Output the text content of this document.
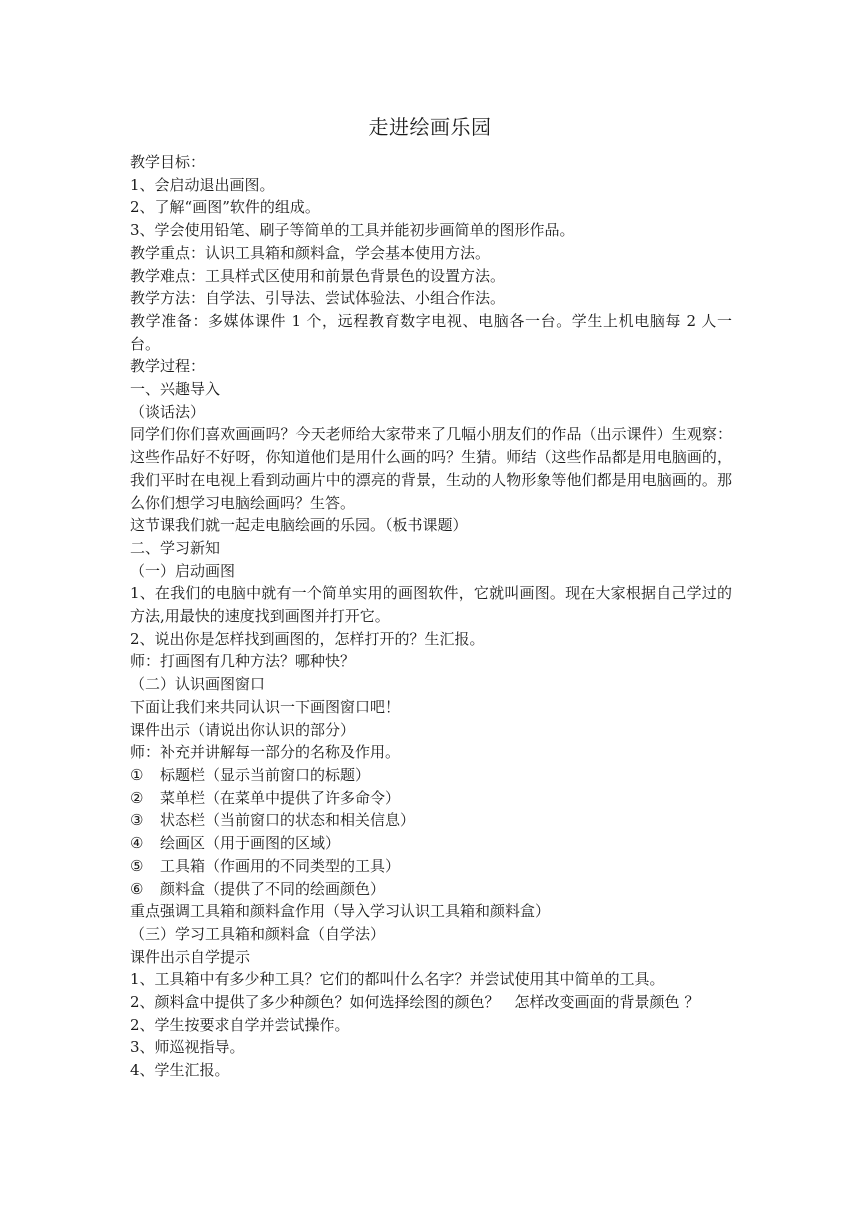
走进绘画乐园

教学目标：

1、会启动退出画图。

2、了解“画图”软件的组成。

3、学会使用铅笔、刷子等简单的工具并能初步画简单的图形作品。

教学重点：认识工具箱和颜料盒，学会基本使用方法。

教学难点：工具样式区使用和前景色背景色的设置方法。

教学方法：自学法、引导法、尝试体验法、小组合作法。

教学准备：多媒体课件 1 个，远程教育数字电视、电脑各一台。学生上机电脑每 2 人一台。

教学过程：

一、兴趣导入

（谈话法）

同学们你们喜欢画画吗？今天老师给大家带来了几幅小朋友们的作品（出示课件）生观察：这些作品好不好呀，你知道他们是用什么画的吗？生猜。师结（这些作品都是用电脑画的，我们平时在电视上看到动画片中的漂亮的背景，生动的人物形象等他们都是用电脑画的。那么你们想学习电脑绘画吗？生答。

这节课我们就一起走电脑绘画的乐园。（板书课题）

二、学习新知

（一）启动画图

1、在我们的电脑中就有一个简单实用的画图软件，它就叫画图。现在大家根据自己学过的方法,用最快的速度找到画图并打开它。

2、说出你是怎样找到画图的，怎样打开的？生汇报。

师：打画图有几种方法？哪种快？

（二）认识画图窗口

下面让我们来共同认识一下画图窗口吧！

课件出示（请说出你认识的部分）

师：补充并讲解每一部分的名称及作用。

① 标题栏（显示当前窗口的标题）

② 菜单栏（在菜单中提供了许多命令）

③ 状态栏（当前窗口的状态和相关信息）

④ 绘画区（用于画图的区域）

⑤ 工具箱（作画用的不同类型的工具）

⑥ 颜料盒（提供了不同的绘画颜色）

重点强调工具箱和颜料盒作用（导入学习认识工具箱和颜料盒）

（三）学习工具箱和颜料盒（自学法）

课件出示自学提示

1、工具箱中有多少种工具？它们的都叫什么名字？并尝试使用其中简单的工具。

2、颜料盒中提供了多少种颜色？如何选择绘图的颜色？　怎样改变画面的背景颜色 ？

2、学生按要求自学并尝试操作。

3、师巡视指导。

4、学生汇报。
